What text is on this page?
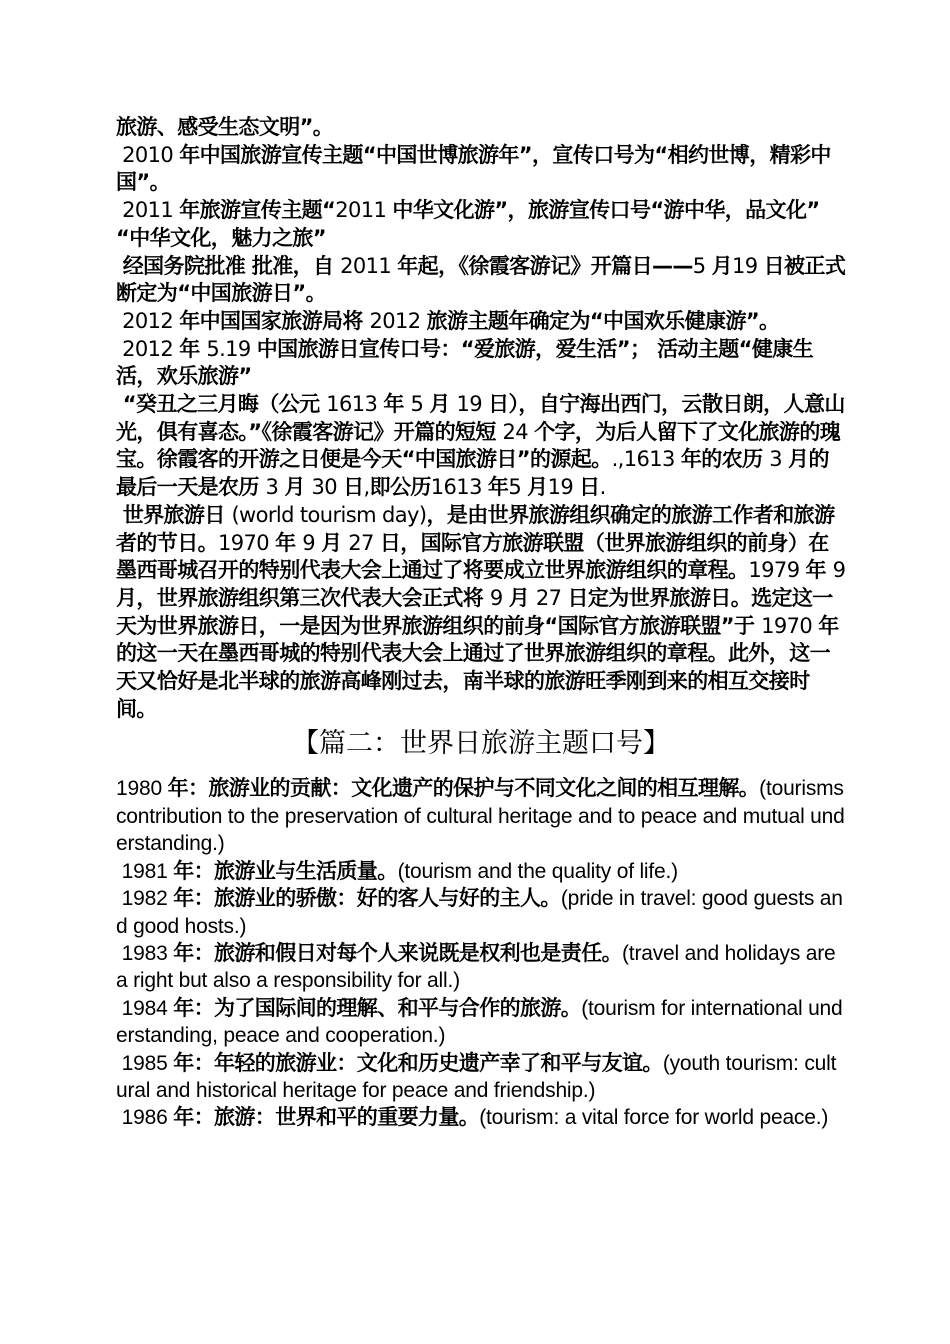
旅游、感受生态文明”。
2010 年中国旅游宣传主题“中国世博旅游年”，宣传口号为“相约世博，精彩中国”。
2011 年旅游宣传主题“2011 中华文化游”，旅游宣传口号“游中华，品文化” “中华文化，魅力之旅”
经国务院批准 批准，自 2011 年起，《徐霞客游记》开篇日——5 月19 日被正式断定为“中国旅游日”。
2012 年中国国家旅游局将 2012 旅游主题年确定为“中国欢乐健康游”。
2012 年 5.19 中国旅游日宣传口号：“爱旅游，爱生活”； 活动主题“健康生活，欢乐旅游”
“癸丑之三月晦（公元 1613 年 5 月 19 日），自宁海出西门，云散日朗，人意山光，俱有喜态。”《徐霞客游记》开篇的短短 24 个字，为后人留下了文化旅游的瑰宝。徐霞客的开游之日便是今天“中国旅游日”的源起。.,1613 年的农历 3 月的最后一天是农历 3 月 30 日,即公历1613 年5 月19 日.
世界旅游日 (world tourism day)，是由世界旅游组织确定的旅游工作者和旅游者的节日。1970 年 9 月 27 日，国际官方旅游联盟（世界旅游组织的前身）在墨西哥城召开的特别代表大会上通过了将要成立世界旅游组织的章程。1979 年 9 月，世界旅游组织第三次代表大会正式将 9 月 27 日定为世界旅游日。选定这一天为世界旅游日，一是因为世界旅游组织的前身“国际官方旅游联盟”于 1970 年的这一天在墨西哥城的特别代表大会上通过了世界旅游组织的章程。此外，这一天又恰好是北半球的旅游高峰刚过去，南半球的旅游旺季刚到来的相互交接时间。
【篇二：世界日旅游主题口号】
1980 年：旅游业的贡献：文化遗产的保护与不同文化之间的相互理解。(tourisms contribution to the preservation of cultural heritage and to peace and mutual understanding.)
1981 年：旅游业与生活质量。(tourism and the quality of life.)
1982 年：旅游业的骄傲：好的客人与好的主人。(pride in travel: good guests and good hosts.)
1983 年：旅游和假日对每个人来说既是权利也是责任。(travel and holidays are a right but also a responsibility for all.)
1984 年：为了国际间的理解、和平与合作的旅游。(tourism for international understanding, peace and cooperation.)
1985 年：年轻的旅游业：文化和历史遗产幸了和平与友谊。(youth tourism: cultural and historical heritage for peace and friendship.)
1986 年：旅游：世界和平的重要力量。(tourism: a vital force for world peace.)
